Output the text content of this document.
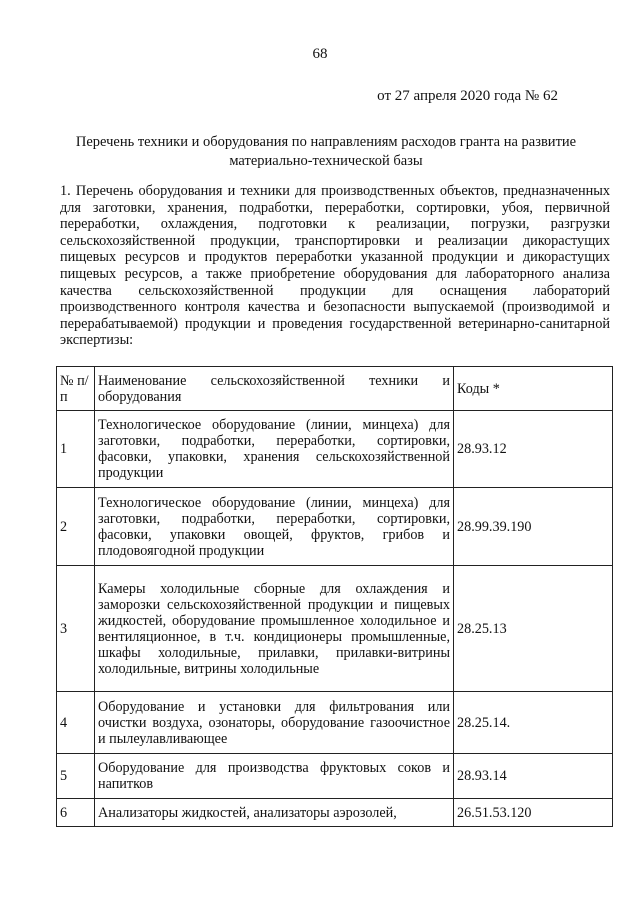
68
от 27 апреля 2020 года № 62
Перечень техники и оборудования по направлениям расходов гранта на развитие материально-технической базы
1. Перечень оборудования и техники для производственных объектов, предназначенных для заготовки, хранения, подработки, переработки, сортировки, убоя, первичной переработки, охлаждения, подготовки к реализации, погрузки, разгрузки сельскохозяйственной продукции, транспортировки и реализации дикорастущих пищевых ресурсов и продуктов переработки указанной продукции и дикорастущих пищевых ресурсов, а также приобретение оборудования для лабораторного анализа качества сельскохозяйственной продукции для оснащения лабораторий производственного контроля качества и безопасности выпускаемой (производимой и перерабатываемой) продукции и проведения государственной ветеринарно-санитарной экспертизы:
№ п/п	Наименование сельскохозяйственной техники и оборудования	Коды *
1	Технологическое оборудование (линии, минцеха) для заготовки, подработки, переработки, сортировки, фасовки, упаковки, хранения сельскохозяйственной продукции	28.93.12
2	Технологическое оборудование (линии, минцеха) для заготовки, подработки, переработки, сортировки, фасовки, упаковки овощей, фруктов, грибов и плодовоягодной продукции	28.99.39.190
3	Камеры холодильные сборные для охлаждения и заморозки сельскохозяйственной продукции и пищевых жидкостей, оборудование промышленное холодильное и вентиляционное, в т.ч. кондиционеры промышленные, шкафы холодильные, прилавки, прилавки-витрины холодильные, витрины холодильные	28.25.13
4	Оборудование и установки для фильтрования или очистки воздуха, озонаторы, оборудование газоочистное и пылеулавливающее	28.25.14.
5	Оборудование для производства фруктовых соков и напитков	28.93.14
6	Анализаторы жидкостей, анализаторы аэрозолей,	26.51.53.120
